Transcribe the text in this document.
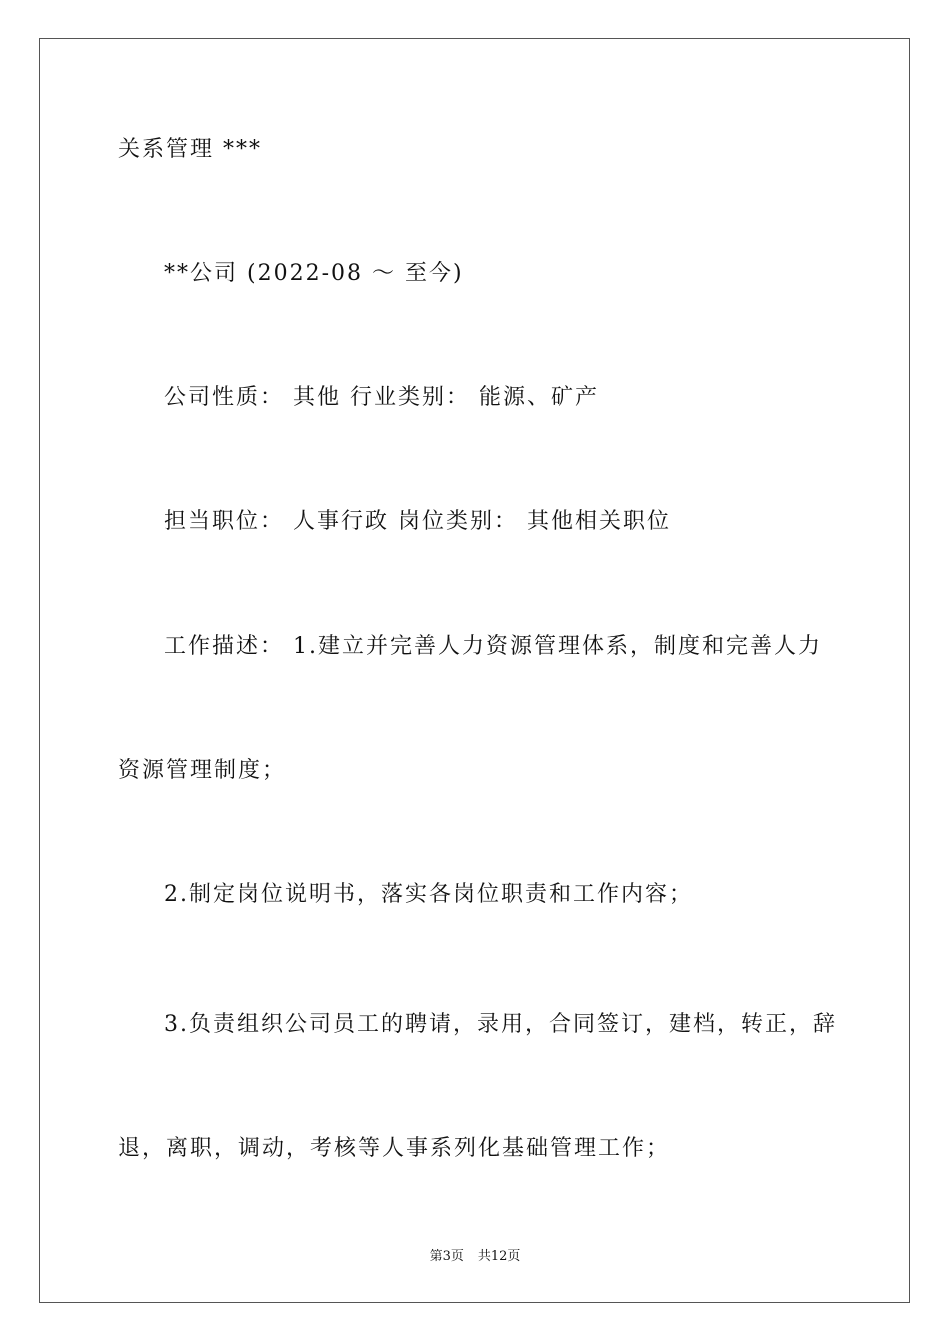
关系管理 ***
**公司 (2022-08 ～ 至今)
公司性质： 其他 行业类别： 能源、矿产
担当职位： 人事行政 岗位类别： 其他相关职位
工作描述： 1.建立并完善人力资源管理体系，制度和完善人力
资源管理制度；
2.制定岗位说明书，落实各岗位职责和工作内容；
3.负责组织公司员工的聘请，录用，合同签订，建档，转正，辞
退，离职，调动，考核等人事系列化基础管理工作；
第3页 共12页
